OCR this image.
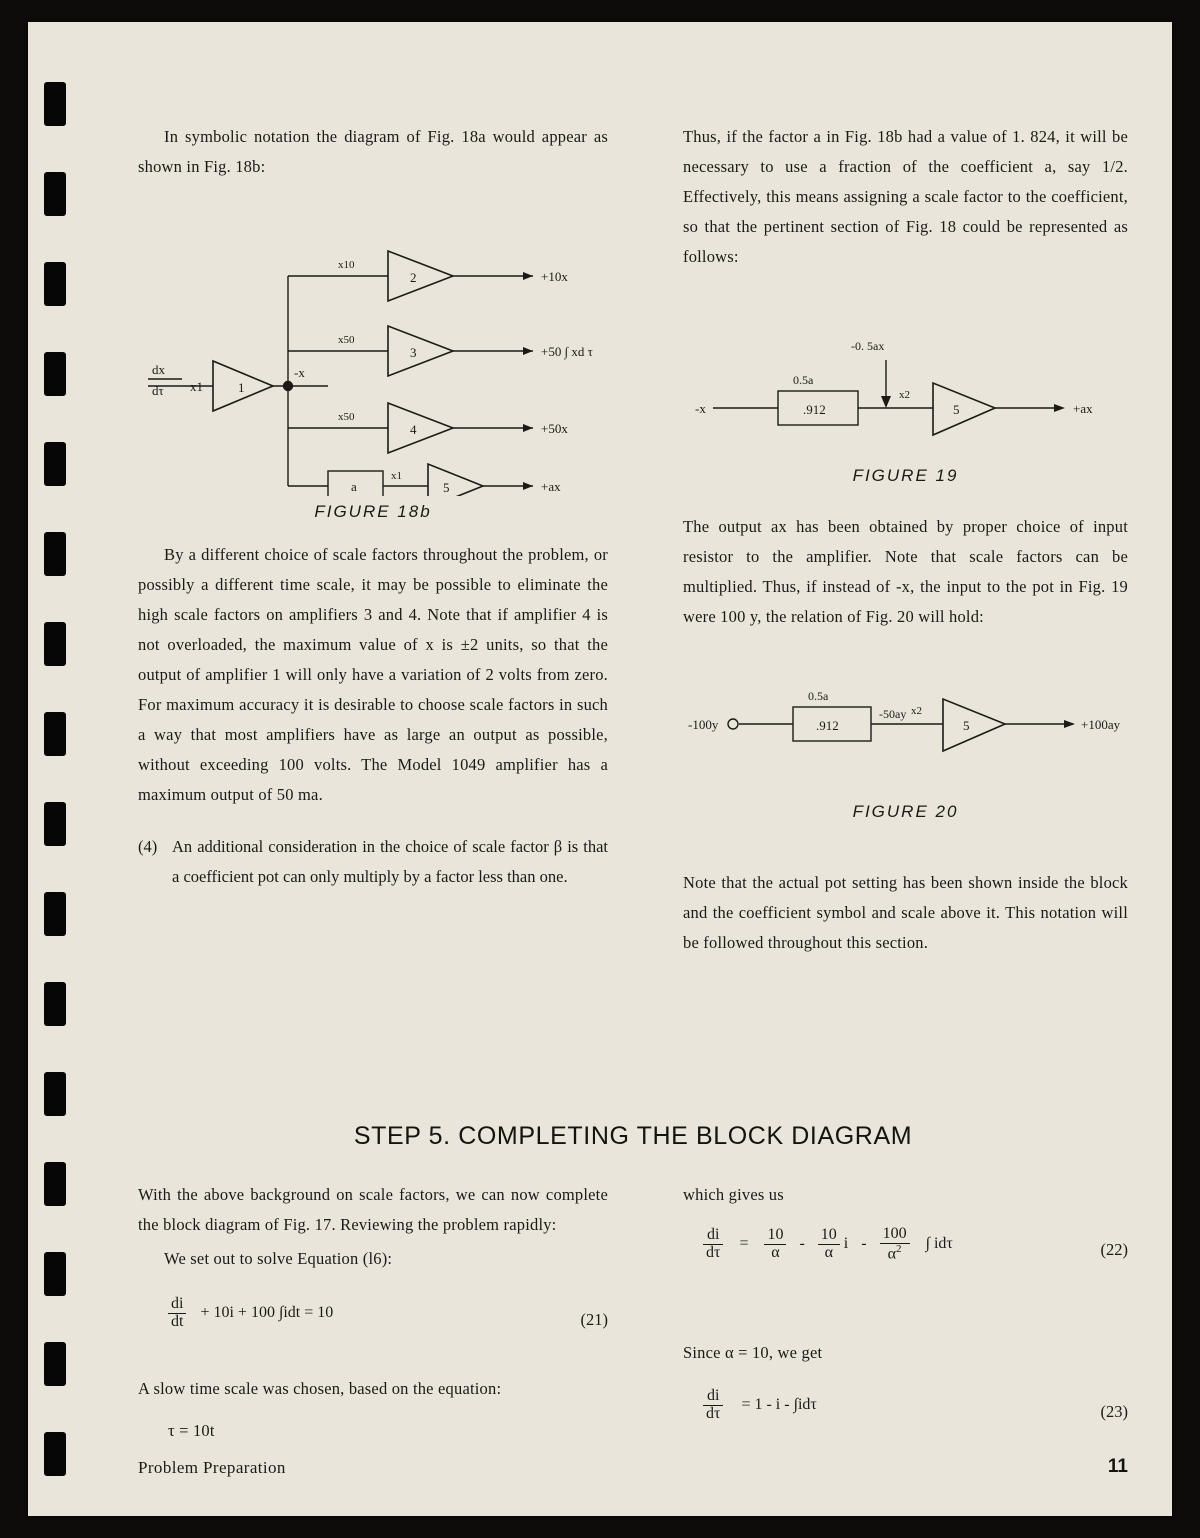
In symbolic notation the diagram of Fig. 18a would appear as shown in Fig. 18b:

dx
dτ x1	1
-x
x10
2	+10x
x50
3	+50 ∫ xd τ
x50
4	+50x
a
x1
5	+ax
FIGURE 18b

By a different choice of scale factors throughout the problem, or possibly a different time scale, it may be possible to eliminate the high scale factors on amplifiers 3 and 4. Note that if amplifier 4 is not overloaded, the maximum value of x is ±2 units, so that the output of amplifier 1 will only have a variation of 2 volts from zero. For maximum accuracy it is desirable to choose scale factors in such a way that most amplifiers have as large an output as possible, without exceeding 100 volts. The Model 1049 amplifier has a maximum output of 50 ma.

(4) An additional consideration in the choice of scale factor β is that a coefficient pot can only multiply by a factor less than one.

Thus, if the factor a in Fig. 18b had a value of 1. 824, it will be necessary to use a fraction of the coefficient a, say 1/2. Effectively, this means assigning a scale factor to the coefficient, so that the pertinent section of Fig. 18 could be represented as follows:

-x
0.5a
.912
-0. 5ax
x2
5	+ax
FIGURE 19

The output ax has been obtained by proper choice of input resistor to the amplifier. Note that scale factors can be multiplied. Thus, if instead of -x, the input to the pot in Fig. 19 were 100 y, the relation of Fig. 20 will hold:

-100y
0.5a
.912
-50ay x2
5	+100ay
FIGURE 20

Note that the actual pot setting has been shown inside the block and the coefficient symbol and scale above it. This notation will be followed throughout this section.

STEP 5. COMPLETING THE BLOCK DIAGRAM

With the above background on scale factors, we can now complete the block diagram of Fig. 17. Reviewing the problem rapidly:

We set out to solve Equation (l6):

$\frac{di}{dt} + 10i + 100$ ∫idt = 10	(21)

A slow time scale was chosen, based on the equation:

τ = 10t

which gives us

$\frac{di}{d\tau} = \frac{10}{\alpha} - \frac{10}{\alpha}$ i - $\frac{100}{\alpha^2}$ ∫ idτ	(22)

Since α = 10, we get

$\frac{di}{d\tau} = 1 - i - \int id\tau$	(23)
Problem Preparation	11
